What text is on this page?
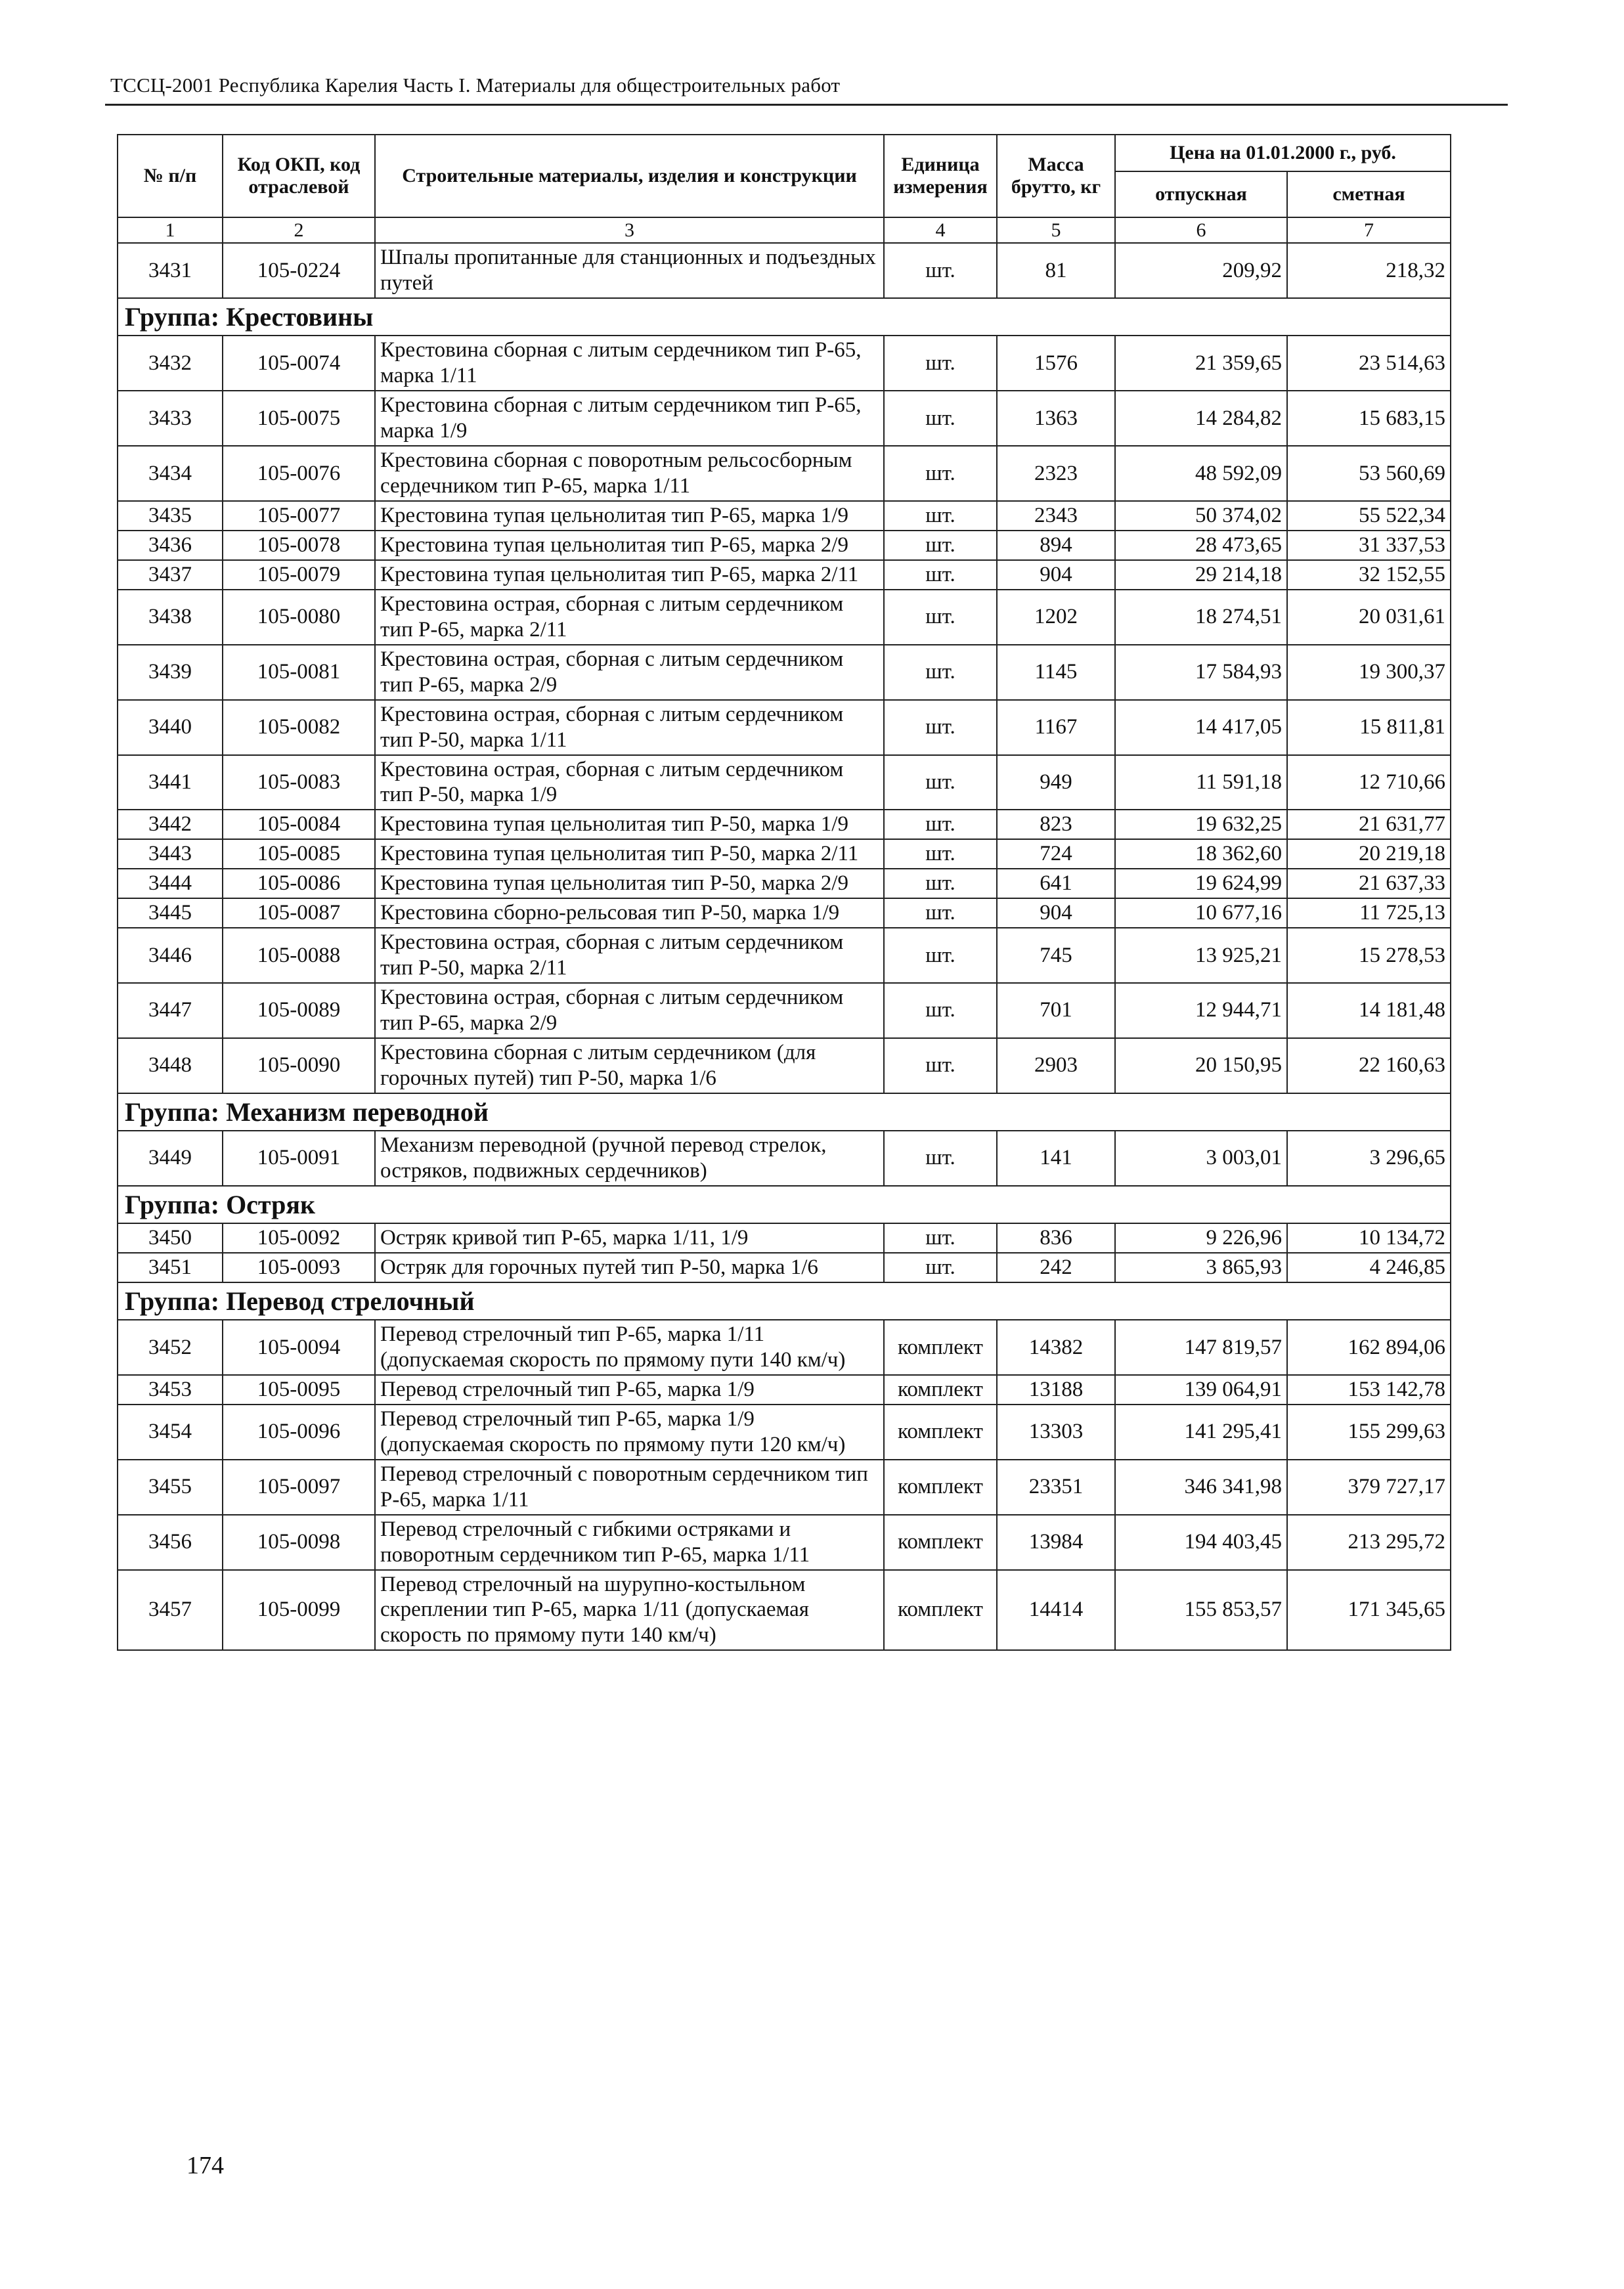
ТССЦ-2001 Республика Карелия Часть I. Материалы для общестроительных работ
№ п/п	Код ОКП, код отраслевой	Строительные материалы, изделия и конструкции	Единица измерения	Масса брутто, кг	Цена на 01.01.2000 г., руб.	
					отпускная	сметная
1	2	3	4	5	6	7
3431	105-0224	Шпалы пропитанные для станционных и подъездных путей	шт.	81	209,92	218,32
Группа: Крестовины						
3432	105-0074	Крестовина сборная с литым сердечником тип Р-65, марка 1/11	шт.	1576	21 359,65	23 514,63
3433	105-0075	Крестовина сборная с литым сердечником тип Р-65, марка 1/9	шт.	1363	14 284,82	15 683,15
3434	105-0076	Крестовина сборная с поворотным рельсосборным сердечником тип Р-65, марка 1/11	шт.	2323	48 592,09	53 560,69
3435	105-0077	Крестовина тупая цельнолитая тип Р-65, марка 1/9	шт.	2343	50 374,02	55 522,34
3436	105-0078	Крестовина тупая цельнолитая тип Р-65, марка 2/9	шт.	894	28 473,65	31 337,53
3437	105-0079	Крестовина тупая цельнолитая тип Р-65, марка 2/11	шт.	904	29 214,18	32 152,55
3438	105-0080	Крестовина острая, сборная с литым сердечником тип Р-65, марка 2/11	шт.	1202	18 274,51	20 031,61
3439	105-0081	Крестовина острая, сборная с литым сердечником тип Р-65, марка 2/9	шт.	1145	17 584,93	19 300,37
3440	105-0082	Крестовина острая, сборная с литым сердечником тип Р-50, марка 1/11	шт.	1167	14 417,05	15 811,81
3441	105-0083	Крестовина острая, сборная с литым сердечником тип Р-50, марка 1/9	шт.	949	11 591,18	12 710,66
3442	105-0084	Крестовина тупая цельнолитая тип Р-50, марка 1/9	шт.	823	19 632,25	21 631,77
3443	105-0085	Крестовина тупая цельнолитая тип Р-50, марка 2/11	шт.	724	18 362,60	20 219,18
3444	105-0086	Крестовина тупая цельнолитая тип Р-50, марка 2/9	шт.	641	19 624,99	21 637,33
3445	105-0087	Крестовина сборно-рельсовая тип Р-50, марка 1/9	шт.	904	10 677,16	11 725,13
3446	105-0088	Крестовина острая, сборная с литым сердечником тип Р-50, марка 2/11	шт.	745	13 925,21	15 278,53
3447	105-0089	Крестовина острая, сборная с литым сердечником тип Р-65, марка 2/9	шт.	701	12 944,71	14 181,48
3448	105-0090	Крестовина сборная с литым сердечником (для горочных путей) тип Р-50, марка 1/6	шт.	2903	20 150,95	22 160,63
Группа: Механизм переводной						
3449	105-0091	Механизм переводной (ручной перевод стрелок, остряков, подвижных сердечников)	шт.	141	3 003,01	3 296,65
Группа: Остряк						
3450	105-0092	Остряк кривой тип Р-65, марка 1/11, 1/9	шт.	836	9 226,96	10 134,72
3451	105-0093	Остряк для горочных путей тип Р-50, марка 1/6	шт.	242	3 865,93	4 246,85
Группа: Перевод стрелочный						
3452	105-0094	Перевод стрелочный тип Р-65, марка 1/11 (допускаемая скорость по прямому пути 140 км/ч)	комплект	14382	147 819,57	162 894,06
3453	105-0095	Перевод стрелочный тип Р-65, марка 1/9	комплект	13188	139 064,91	153 142,78
3454	105-0096	Перевод стрелочный тип Р-65, марка 1/9 (допускаемая скорость по прямому пути 120 км/ч)	комплект	13303	141 295,41	155 299,63
3455	105-0097	Перевод стрелочный с поворотным сердечником тип Р-65, марка 1/11	комплект	23351	346 341,98	379 727,17
3456	105-0098	Перевод стрелочный с гибкими остряками и поворотным сердечником тип Р-65, марка 1/11	комплект	13984	194 403,45	213 295,72
3457	105-0099	Перевод стрелочный на шурупно-костыльном скреплении тип Р-65, марка 1/11 (допускаемая скорость по прямому пути 140 км/ч)	комплект	14414	155 853,57	171 345,65
174
